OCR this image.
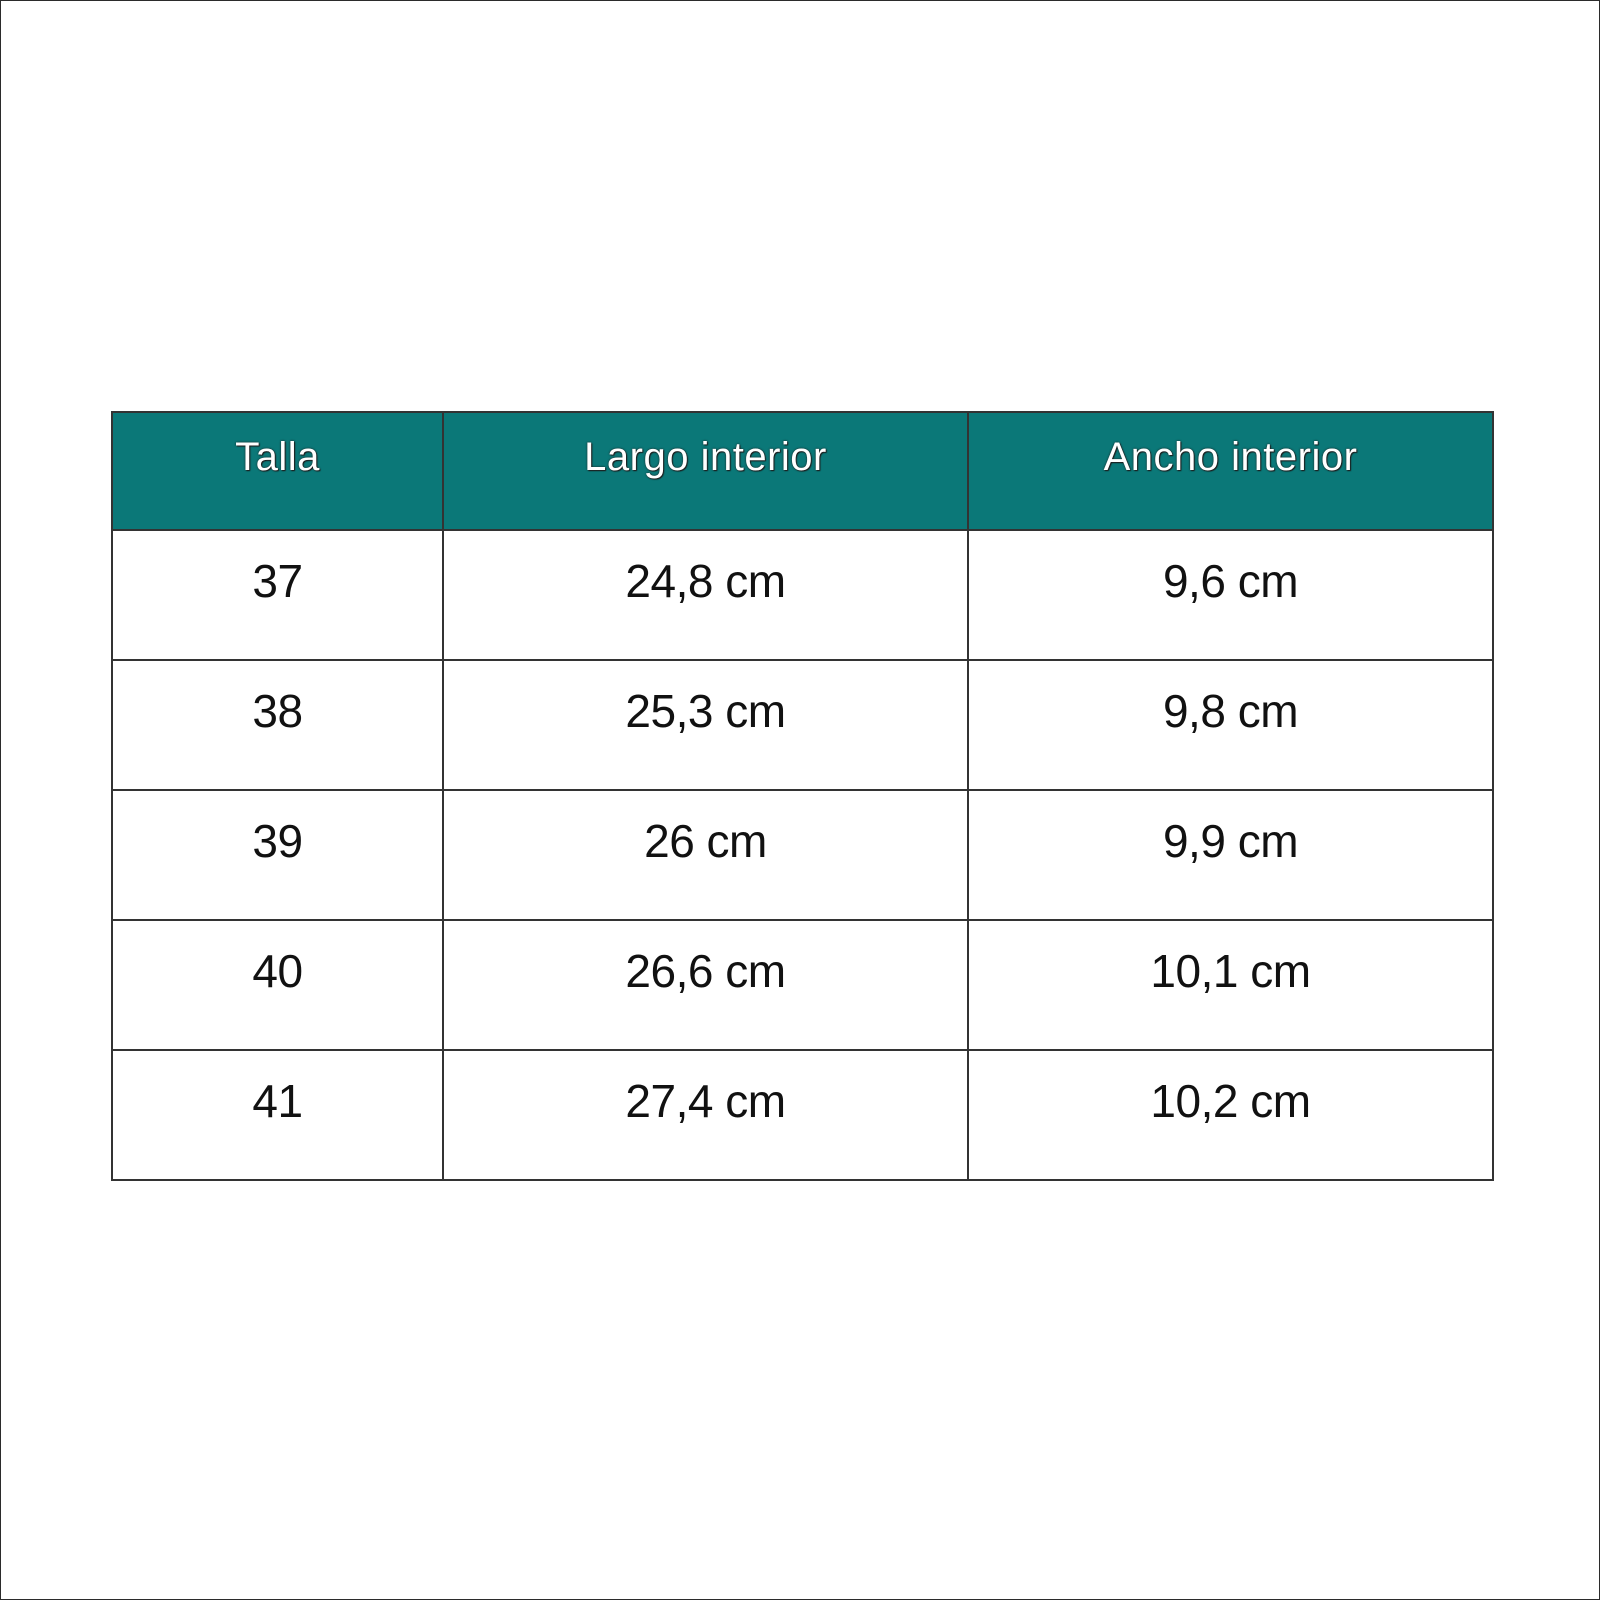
Talla	Largo interior	Ancho interior
37	24,8 cm	9,6 cm
38	25,3 cm	9,8 cm
39	26 cm	9,9 cm
40	26,6 cm	10,1 cm
41	27,4 cm	10,2 cm
